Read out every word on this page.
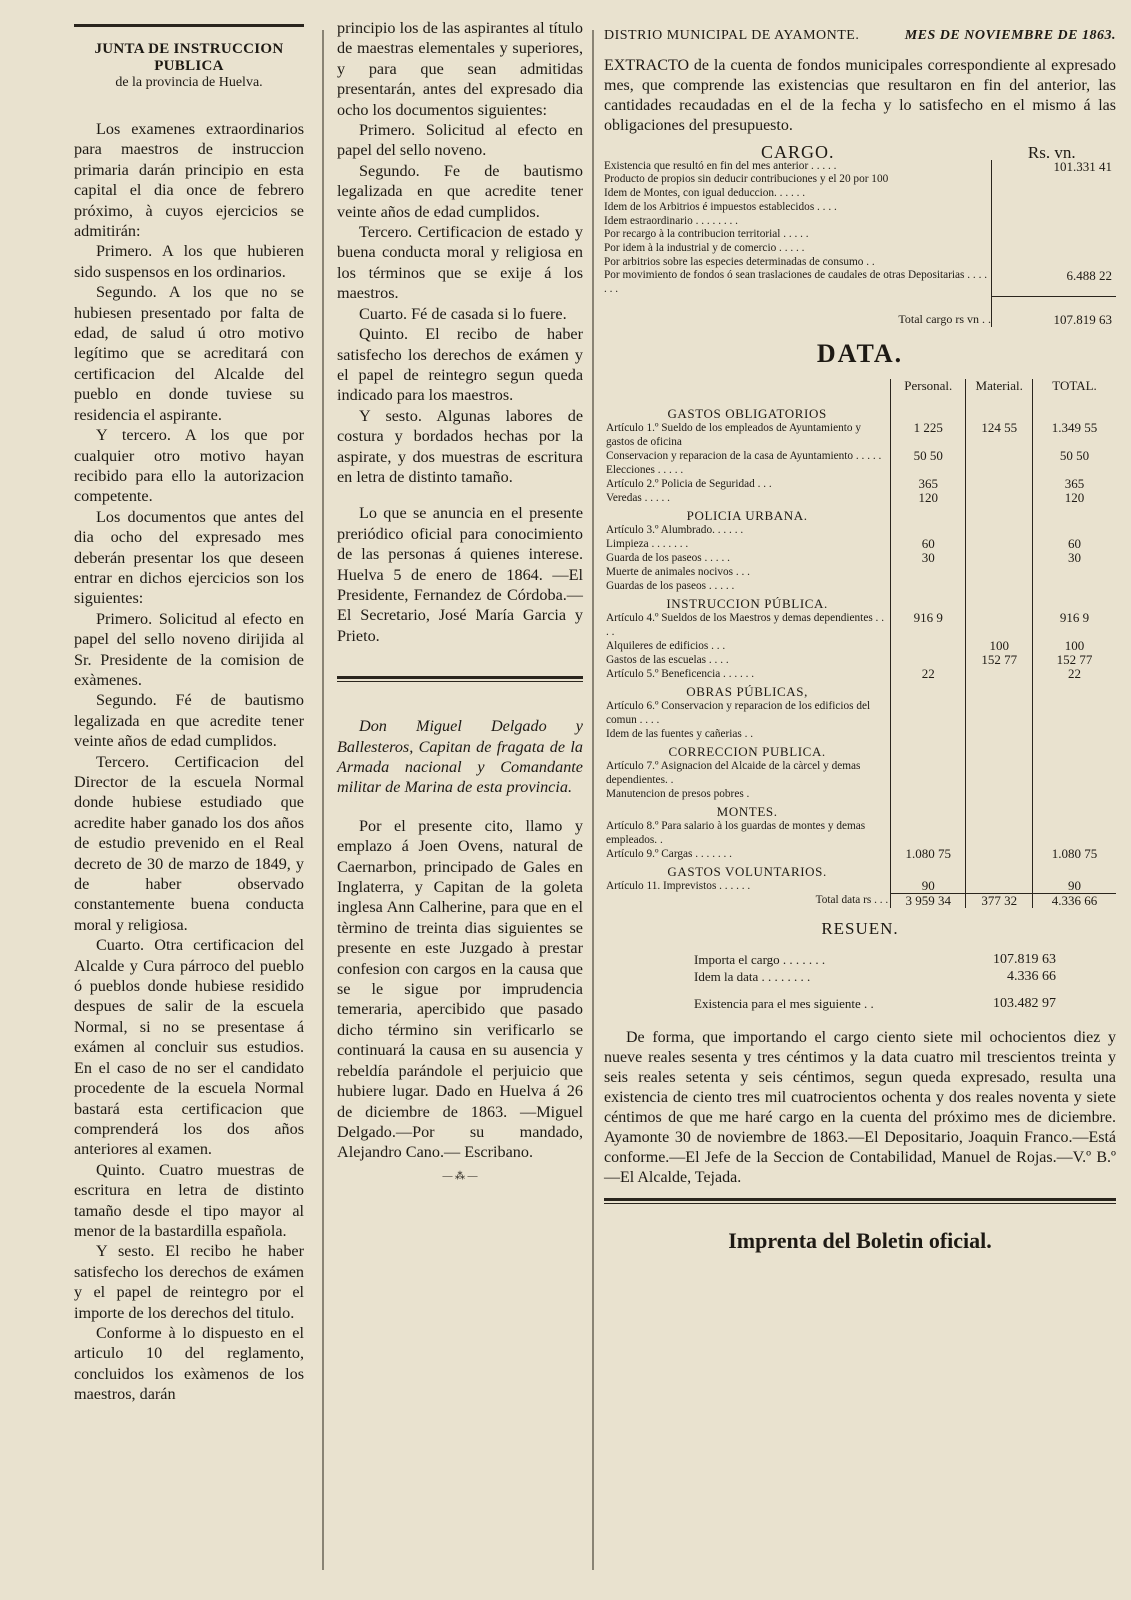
JUNTA DE INSTRUCCION PUBLICA
de la provincia de Huelva.

Los examenes extraordinarios para maestros de instruccion primaria darán principio en esta capital el dia once de febrero próximo, à cuyos ejercicios se admitirán:

Primero. A los que hubieren sido suspensos en los ordinarios.

Segundo. A los que no se hubiesen presentado por falta de edad, de salud ú otro motivo legítimo que se acreditará con certificacion del Alcalde del pueblo en donde tuviese su residencia el aspirante.

Y tercero. A los que por cualquier otro motivo hayan recibido para ello la autorizacion competente.

Los documentos que antes del dia ocho del expresado mes deberán presentar los que deseen entrar en dichos ejercicios son los siguientes:

Primero. Solicitud al efecto en papel del sello noveno dirijida al Sr. Presidente de la comision de exàmenes.

Segundo. Fé de bautismo legalizada en que acredite tener veinte años de edad cumplidos.

Tercero. Certificacion del Director de la escuela Normal donde hubiese estudiado que acredite haber ganado los dos años de estudio prevenido en el Real decreto de 30 de marzo de 1849, y de haber observado constantemente buena conducta moral y religiosa.

Cuarto. Otra certificacion del Alcalde y Cura párroco del pueblo ó pueblos donde hubiese residido despues de salir de la escuela Normal, si no se presentase á exámen al concluir sus estudios. En el caso de no ser el candidato procedente de la escuela Normal bastará esta certificacion que comprenderá los dos años anteriores al examen.

Quinto. Cuatro muestras de escritura en letra de distinto tamaño desde el tipo mayor al menor de la bastardilla española.

Y sesto. El recibo he haber satisfecho los derechos de exámen y el papel de reintegro por el importe de los derechos del titulo.

Conforme à lo dispuesto en el articulo 10 del reglamento, concluidos los exàmenos de los maestros, darán

principio los de las aspirantes al título de maestras elementales y superiores, y para que sean admitidas presentarán, antes del expresado dia ocho los documentos siguientes:

Primero. Solicitud al efecto en papel del sello noveno.

Segundo. Fe de bautismo legalizada en que acredite tener veinte años de edad cumplidos.

Tercero. Certificacion de estado y buena conducta moral y religiosa en los términos que se exije á los maestros.

Cuarto. Fé de casada si lo fuere.

Quinto. El recibo de haber satisfecho los derechos de exámen y el papel de reintegro segun queda indicado para los maestros.

Y sesto. Algunas labores de costura y bordados hechas por la aspirate, y dos muestras de escritura en letra de distinto tamaño.

Lo que se anuncia en el presente preriódico oficial para conocimiento de las personas á quienes interese. Huelva 5 de enero de 1864. —El Presidente, Fernandez de Córdoba.—El Secretario, José María Garcia y Prieto.

Don Miguel Delgado y Ballesteros, Capitan de fragata de la Armada nacional y Comandante militar de Marina de esta provincia.

Por el presente cito, llamo y emplazo á Joen Ovens, natural de Caernarbon, principado de Gales en Inglaterra, y Capitan de la goleta inglesa Ann Calherine, para que en el tèrmino de treinta dias siguientes se presente en este Juzgado à prestar confesion con cargos en la causa que se le sigue por imprudencia temeraria, apercibido que pasado dicho término sin verificarlo se continuará la causa en su ausencia y rebeldía parándole el perjuicio que hubiere lugar. Dado en Huelva á 26 de diciembre de 1863. —Miguel Delgado.—Por su mandado, Alejandro Cano.— Escribano.

— ⁂ —
DISTRIO MUNICIPAL DE AYAMONTE.	MES DE NOVIEMBRE DE 1863.
EXTRACTO de la cuenta de fondos municipales correspondiente al expresado mes, que comprende las existencias que resultaron en fin del anterior, las cantidades recaudadas en el de la fecha y lo satisfecho en el mismo á las obligaciones del presupuesto.
CARGO.	Rs. vn.
Existencia que resultó en fin del mes anterior . . . . .	101.331 41
Producto de propios sin deducir contribuciones y el 20 por 100	
Idem de Montes, con igual deduccion. . . . . .	
Idem de los Arbitrios é impuestos establecidos . . . .	
Idem estraordinario . . . . . . . .	
Por recargo à la contribucion territorial . . . . .	
Por idem à la industrial y de comercio . . . . .	
Por arbitrios sobre las especies determinadas de consumo . .	
Por movimiento de fondos ó sean traslaciones de caudales de otras Depositarias . . . . . . .	6.488 22
Total cargo rs vn . .	107.819 63
DATA.
	Personal.	Material.	TOTAL.
GASTOS OBLIGATORIOS			
Artículo 1.º Sueldo de los empleados de Ayuntamiento y gastos de oficina	1 225	124 55	1.349 55
Conservacion y reparacion de la casa de Ayuntamiento . . . . .	50 50		50 50
Elecciones . . . . .			
Artículo 2.º Policia de Seguridad . . .	365		365
Veredas . . . . .	120		120
POLICIA URBANA.			
Artículo 3.º Alumbrado. . . . . .			
Limpieza . . . . . . .	60		60
Guarda de los paseos . . . . .	30		30
Muerte de animales nocivos . . .			
Guardas de los paseos . . . . .			
INSTRUCCION PÚBLICA.			
Artículo 4.º Sueldos de los Maestros y demas dependientes . . . .	916 9		916 9
Alquileres de edificios . . .		100	100
Gastos de las escuelas . . . .		152 77	152 77
Artículo 5.º Beneficencia . . . . . .	22		22
OBRAS PÚBLICAS,			
Artículo 6.º Conservacion y reparacion de los edificios del comun . . . .			
Idem de las fuentes y cañerias . .			
CORRECCION PUBLICA.			
Artículo 7.º Asignacion del Alcaide de la càrcel y demas dependientes. .			
Manutencion de presos pobres .			
MONTES.			
Artículo 8.º Para salario à los guardas de montes y demas empleados. .			
Artículo 9.º Cargas . . . . . . .	1.080 75		1.080 75
GASTOS VOLUNTARIOS.			
Artículo 11. Imprevistos . . . . . .	90		90
Total data rs . . .	3 959 34	377 32	4.336 66
RESUEN.
Importa el cargo . . . . . . .	107.819 63
Idem la data . . . . . . . .	4.336 66
Existencia para el mes siguiente . .	103.482 97
De forma, que importando el cargo ciento siete mil ochocientos diez y nueve reales sesenta y tres céntimos y la data cuatro mil trescientos treinta y seis reales setenta y seis céntimos, segun queda expresado, resulta una existencia de ciento tres mil cuatrocientos ochenta y dos reales noventa y siete céntimos de que me haré cargo en la cuenta del próximo mes de diciembre. Ayamonte 30 de noviembre de 1863.—El Depositario, Joaquin Franco.—Está conforme.—El Jefe de la Seccion de Contabilidad, Manuel de Rojas.—V.º B.º—El Alcalde, Tejada.
Imprenta del Boletin oficial.
